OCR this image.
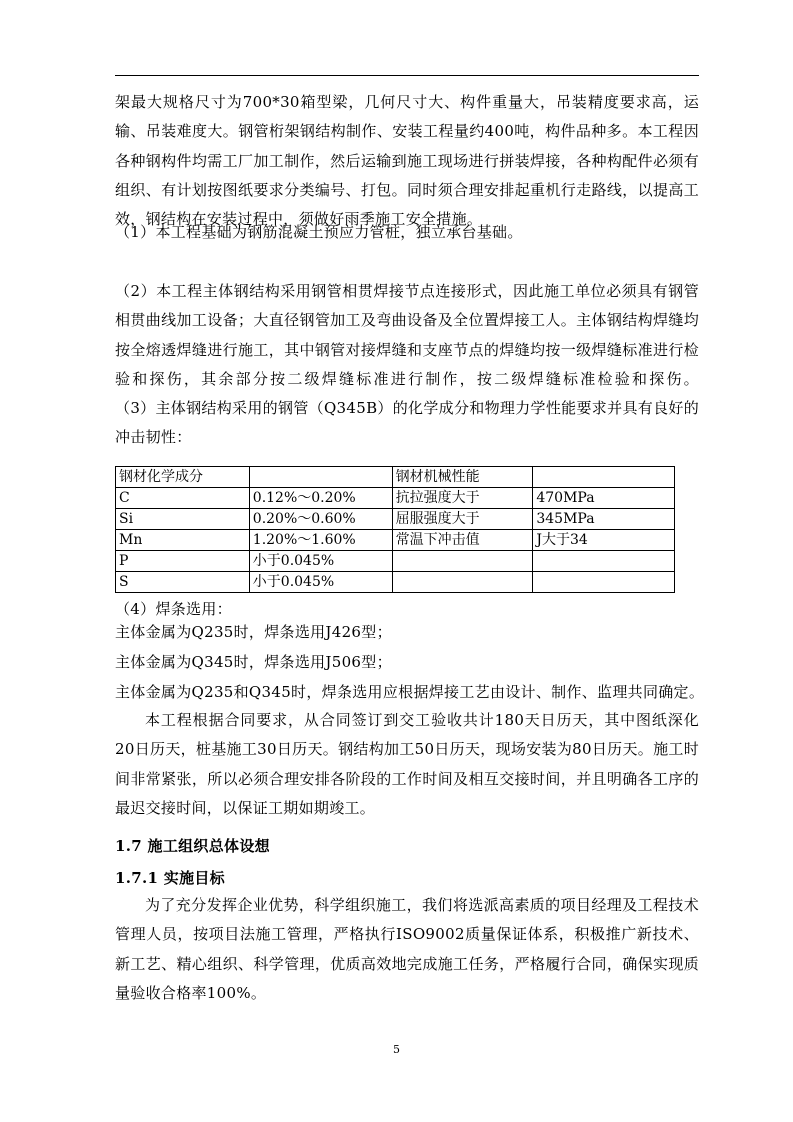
架最大规格尺寸为700*30箱型梁，几何尺寸大、构件重量大，吊装精度要求高，运输、吊装难度大。钢管桁架钢结构制作、安装工程量约400吨，构件品种多。本工程因各种钢构件均需工厂加工制作，然后运输到施工现场进行拼装焊接，各种构配件必须有组织、有计划按图纸要求分类编号、打包。同时须合理安排起重机行走路线，以提高工效，钢结构在安装过程中，须做好雨季施工安全措施。

（1）本工程基础为钢筋混凝土预应力管桩，独立承台基础。

（2）本工程主体钢结构采用钢管相贯焊接节点连接形式，因此施工单位必须具有钢管相贯曲线加工设备；大直径钢管加工及弯曲设备及全位置焊接工人。主体钢结构焊缝均按全熔透焊缝进行施工，其中钢管对接焊缝和支座节点的焊缝均按一级焊缝标准进行检验和探伤，其余部分按二级焊缝标准进行制作，按二级焊缝标准检验和探伤。

（3）主体钢结构采用的钢管（Q345B）的化学成分和物理力学性能要求并具有良好的冲击韧性：

钢材化学成分		钢材机械性能	
C	0.12%～0.20%	抗拉强度大于	470MPa
Si	0.20%～0.60%	屈服强度大于	345MPa
Mn	1.20%～1.60%	常温下冲击值	J大于34
P	小于0.045%		
S	小于0.045%		

（4）焊条选用：

主体金属为Q235时，焊条选用J426型；

主体金属为Q345时，焊条选用J506型；

主体金属为Q235和Q345时，焊条选用应根据焊接工艺由设计、制作、监理共同确定。

本工程根据合同要求，从合同签订到交工验收共计180天日历天，其中图纸深化20日历天，桩基施工30日历天。钢结构加工50日历天，现场安装为80日历天。施工时间非常紧张，所以必须合理安排各阶段的工作时间及相互交接时间，并且明确各工序的最迟交接时间，以保证工期如期竣工。

1.7 施工组织总体设想

1.7.1 实施目标

为了充分发挥企业优势，科学组织施工，我们将选派高素质的项目经理及工程技术管理人员，按项目法施工管理，严格执行ISO9002质量保证体系，积极推广新技术、新工艺、精心组织、科学管理，优质高效地完成施工任务，严格履行合同，确保实现质量验收合格率100%。

5
